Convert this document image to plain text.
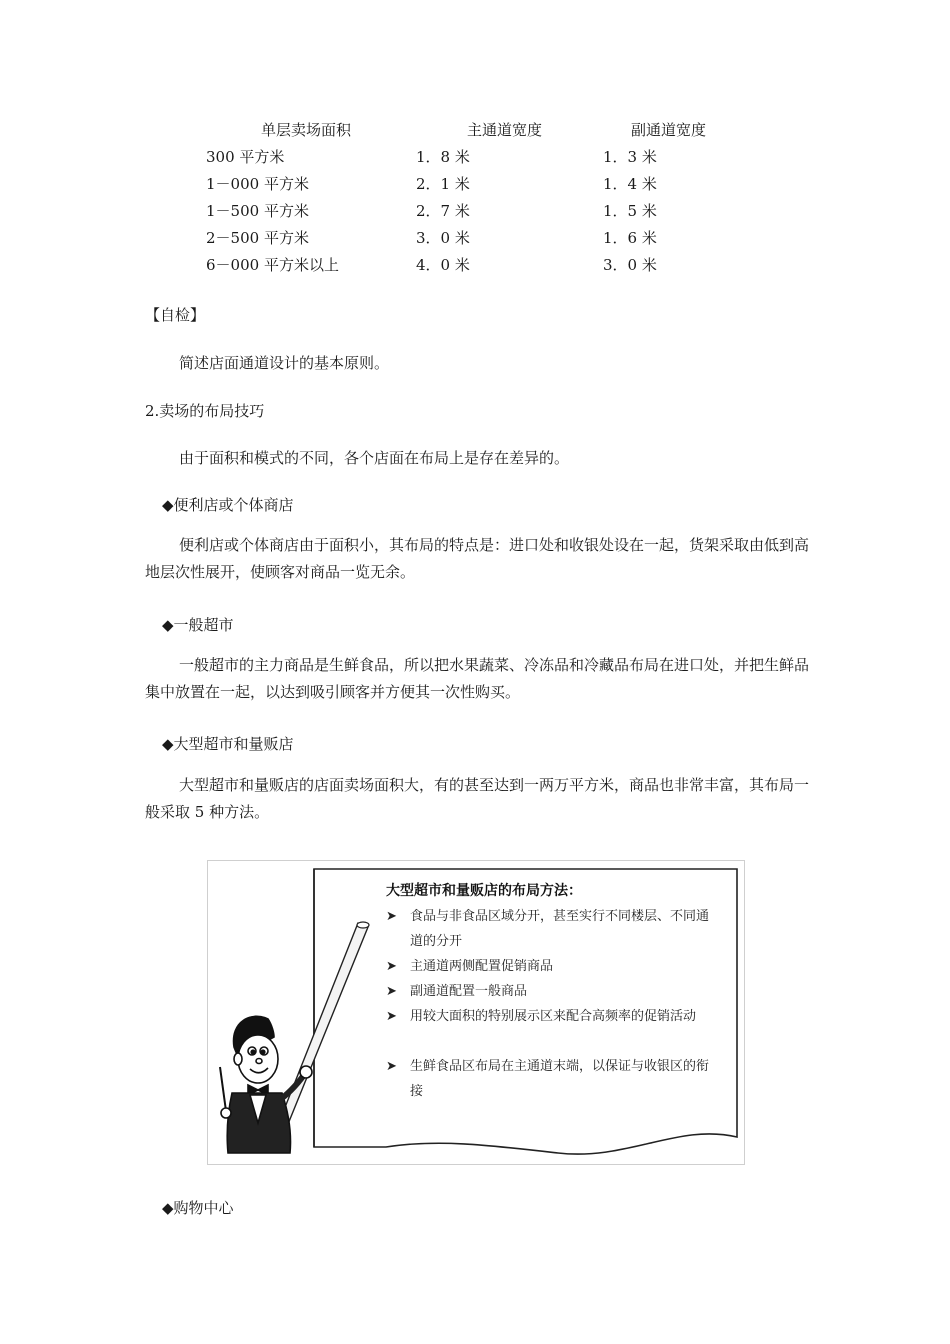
单层卖场面积	主通道宽度	副通道宽度
300 平方米	1．8 米	1．3 米
1－000 平方米	2．1 米	1．4 米
1－500 平方米	2．7 米	1．5 米
2－500 平方米	3．0 米	1．6 米
6－000 平方米以上	4．0 米	3．0 米
【自检】
简述店面通道设计的基本原则。
2.卖场的布局技巧
由于面积和模式的不同，各个店面在布局上是存在差异的。
◆便利店或个体商店

便利店或个体商店由于面积小，其布局的特点是：进口处和收银处设在一起，货架采取由低到高地层次性展开，使顾客对商品一览无余。

◆一般超市

一般超市的主力商品是生鲜食品，所以把水果蔬菜、冷冻品和冷藏品布局在进口处，并把生鲜品集中放置在一起，以达到吸引顾客并方便其一次性购买。

◆大型超市和量贩店

大型超市和量贩店的店面卖场面积大，有的甚至达到一两万平方米，商品也非常丰富，其布局一般采取 5 种方法。

大型超市和量贩店的布局方法：
➤ 食品与非食品区域分开，甚至实行不同楼层、不同通道的分开
➤ 主通道两侧配置促销商品
➤ 副通道配置一般商品
➤ 用较大面积的特别展示区来配合高频率的促销活动
➤ 生鲜食品区布局在主通道末端，以保证与收银区的衔接
◆购物中心
